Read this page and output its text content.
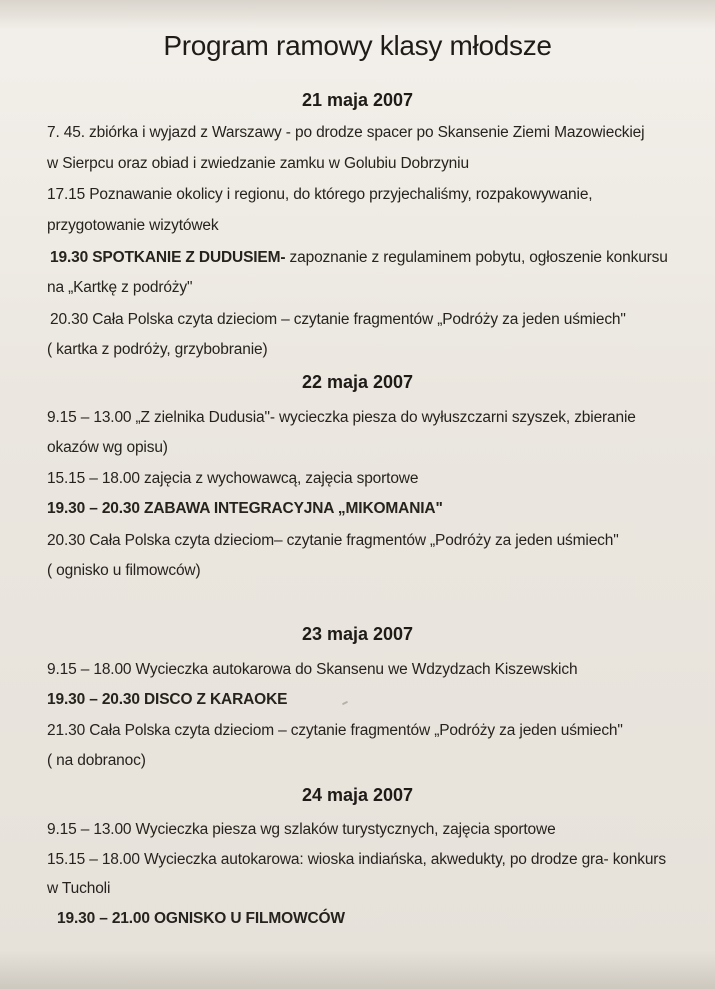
Program ramowy klasy młodsze
21 maja 2007
7. 45. zbiórka i wyjazd z Warszawy - po drodze spacer po Skansenie Ziemi Mazowieckiej
w Sierpcu oraz obiad i zwiedzanie zamku w Golubiu Dobrzyniu
17.15 Poznawanie okolicy i regionu, do którego przyjechaliśmy, rozpakowywanie,
przygotowanie wizytówek
19.30 SPOTKANIE Z DUDUSIEM- zapoznanie z regulaminem pobytu, ogłoszenie konkursu
na „Kartkę z podróży"
20.30 Cała Polska czyta dzieciom – czytanie fragmentów „Podróży za jeden uśmiech"
( kartka z podróży, grzybobranie)
22 maja 2007
9.15 – 13.00 „Z zielnika Dudusia"- wycieczka piesza do wyłuszczarni szyszek, zbieranie
okazów wg opisu)
15.15 – 18.00 zajęcia z wychowawcą, zajęcia sportowe
19.30 – 20.30 ZABAWA INTEGRACYJNA „MIKOMANIA"
20.30 Cała Polska czyta dzieciom– czytanie fragmentów „Podróży za jeden uśmiech"
( ognisko u filmowców)
23 maja 2007
9.15 – 18.00 Wycieczka autokarowa do Skansenu we Wdzydzach Kiszewskich
19.30 – 20.30 DISCO Z KARAOKE
21.30 Cała Polska czyta dzieciom – czytanie fragmentów „Podróży za jeden uśmiech"
( na dobranoc)
24 maja 2007
9.15 – 13.00 Wycieczka piesza wg szlaków turystycznych, zajęcia sportowe
15.15 – 18.00 Wycieczka autokarowa: wioska indiańska, akwedukty, po drodze gra- konkurs
w Tucholi
19.30 – 21.00 OGNISKO U FILMOWCÓW
